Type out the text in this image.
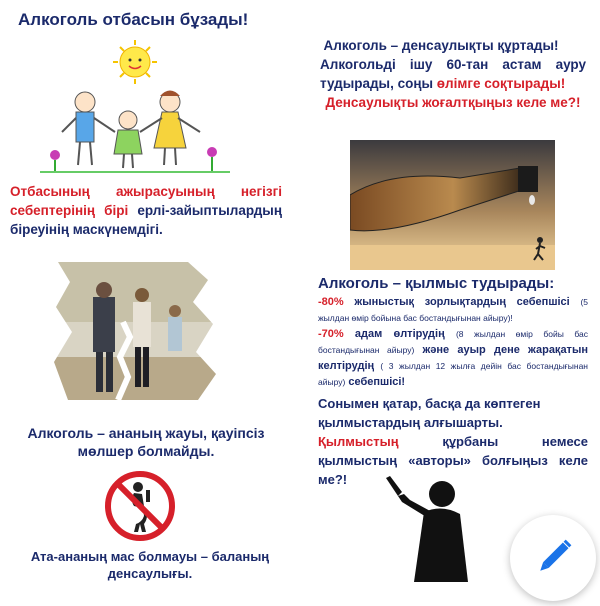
Алкоголь отбасын бұзады!
Отбасының ажырасуының негізгі себептерінің бірі ерлі-зайыптылардың біреуінің маскүнемдігі.
Алкоголь – ананың жауы, қауіпсіз мөлшер болмайды.
Ата-ананың мас болмауы – баланың денсаулығы.
Алкоголь – денсаулықты құртады!
Алкогольді ішу 60-тан астам ауру тудырады, соңы өлімге соқтырады!
Денсаулықты жоғалтқыңыз келе ме?!
Алкоголь – қылмыс тудырады:
-80% жыныстық зорлықтардың себепшісі (5 жылдан өмір бойына бас бостандығынан айыру)!
-70% адам өлтірудің (8 жылдан өмір бойы бас бостандығынан айыру) және ауыр дене жарақатын келтірудің ( 3 жылдан 12 жылға дейін бас бостандығынан айыру) себепшісі!
Сонымен қатар, басқа да көптеген қылмыстардың алғышарты.
Қылмыстың	құрбаны немесе қылмыстың «авторы» болғыңыз келе ме?!
